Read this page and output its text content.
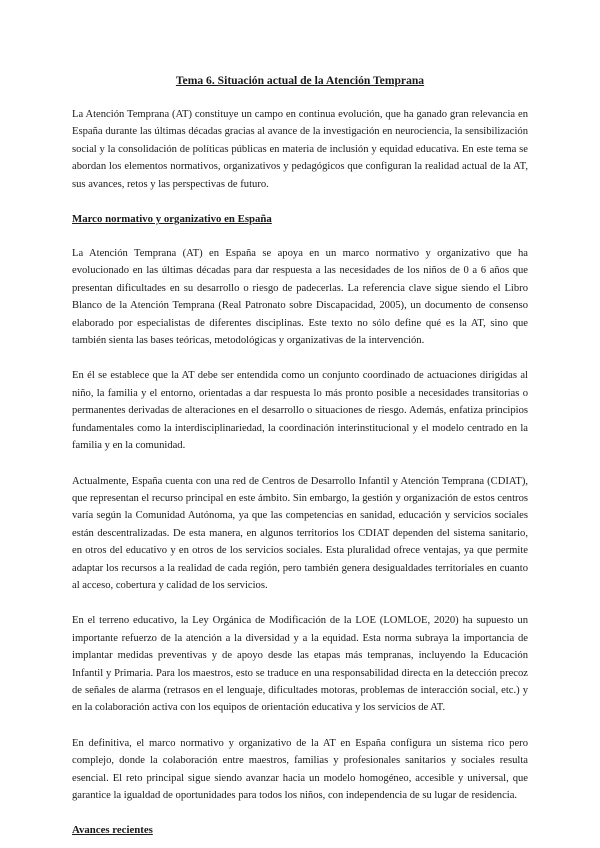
Tema 6. Situación actual de la Atención Temprana

La Atención Temprana (AT) constituye un campo en continua evolución, que ha ganado gran relevancia en España durante las últimas décadas gracias al avance de la investigación en neurociencia, la sensibilización social y la consolidación de políticas públicas en materia de inclusión y equidad educativa. En este tema se abordan los elementos normativos, organizativos y pedagógicos que configuran la realidad actual de la AT, sus avances, retos y las perspectivas de futuro.

Marco normativo y organizativo en España

La Atención Temprana (AT) en España se apoya en un marco normativo y organizativo que ha evolucionado en las últimas décadas para dar respuesta a las necesidades de los niños de 0 a 6 años que presentan dificultades en su desarrollo o riesgo de padecerlas. La referencia clave sigue siendo el Libro Blanco de la Atención Temprana (Real Patronato sobre Discapacidad, 2005), un documento de consenso elaborado por especialistas de diferentes disciplinas. Este texto no sólo define qué es la AT, sino que también sienta las bases teóricas, metodológicas y organizativas de la intervención.

En él se establece que la AT debe ser entendida como un conjunto coordinado de actuaciones dirigidas al niño, la familia y el entorno, orientadas a dar respuesta lo más pronto posible a necesidades transitorias o permanentes derivadas de alteraciones en el desarrollo o situaciones de riesgo. Además, enfatiza principios fundamentales como la interdisciplinariedad, la coordinación interinstitucional y el modelo centrado en la familia y en la comunidad.

Actualmente, España cuenta con una red de Centros de Desarrollo Infantil y Atención Temprana (CDIAT), que representan el recurso principal en este ámbito. Sin embargo, la gestión y organización de estos centros varía según la Comunidad Autónoma, ya que las competencias en sanidad, educación y servicios sociales están descentralizadas. De esta manera, en algunos territorios los CDIAT dependen del sistema sanitario, en otros del educativo y en otros de los servicios sociales. Esta pluralidad ofrece ventajas, ya que permite adaptar los recursos a la realidad de cada región, pero también genera desigualdades territoriales en cuanto al acceso, cobertura y calidad de los servicios.

En el terreno educativo, la Ley Orgánica de Modificación de la LOE (LOMLOE, 2020) ha supuesto un importante refuerzo de la atención a la diversidad y a la equidad. Esta norma subraya la importancia de implantar medidas preventivas y de apoyo desde las etapas más tempranas, incluyendo la Educación Infantil y Primaria. Para los maestros, esto se traduce en una responsabilidad directa en la detección precoz de señales de alarma (retrasos en el lenguaje, dificultades motoras, problemas de interacción social, etc.) y en la colaboración activa con los equipos de orientación educativa y los servicios de AT.

En definitiva, el marco normativo y organizativo de la AT en España configura un sistema rico pero complejo, donde la colaboración entre maestros, familias y profesionales sanitarios y sociales resulta esencial. El reto principal sigue siendo avanzar hacia un modelo homogéneo, accesible y universal, que garantice la igualdad de oportunidades para todos los niños, con independencia de su lugar de residencia.

Avances recientes
